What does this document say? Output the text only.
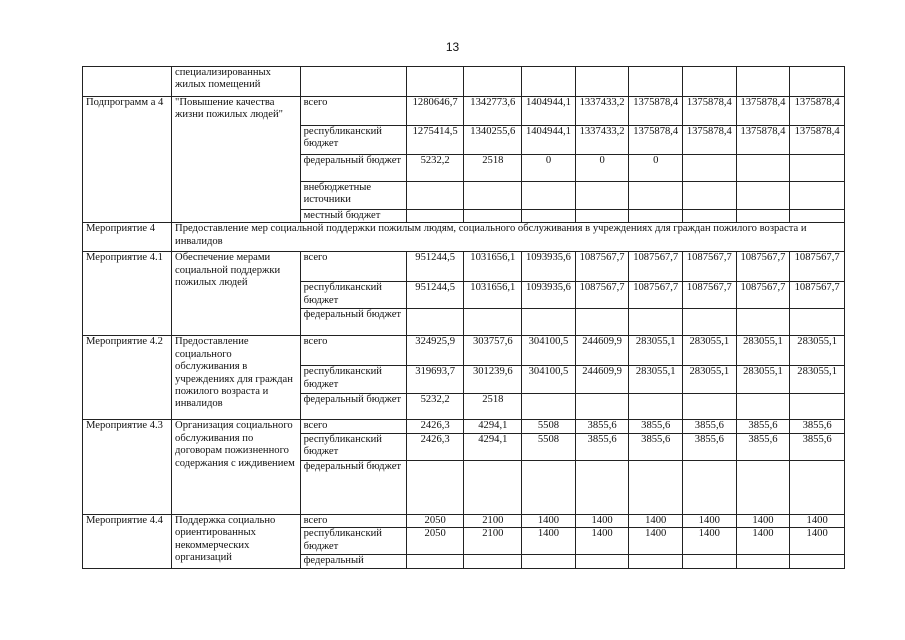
13
	специализированных жилых помещений									
Подпрограмм а 4	"Повышение качества жизни пожилых людей"	всего	1280646,7	1342773,6	1404944,1	1337433,2	1375878,4	1375878,4	1375878,4	1375878,4
		республиканский бюджет	1275414,5	1340255,6	1404944,1	1337433,2	1375878,4	1375878,4	1375878,4	1375878,4
		федеральный бюджет	5232,2	2518	0	0	0			
		внебюджетные источники								
		местный бюджет								
Мероприятие 4	Предоставление мер социальной поддержки пожилым людям, социального обслуживания в учреждениях для граждан пожилого возраста и инвалидов									
Мероприятие 4.1	Обеспечение мерами социальной поддержки пожилых людей	всего	951244,5	1031656,1	1093935,6	1087567,7	1087567,7	1087567,7	1087567,7	1087567,7
		республиканский бюджет	951244,5	1031656,1	1093935,6	1087567,7	1087567,7	1087567,7	1087567,7	1087567,7
		федеральный бюджет								
Мероприятие 4.2	Предоставление социального обслуживания в учреждениях для граждан пожилого возраста и инвалидов	всего	324925,9	303757,6	304100,5	244609,9	283055,1	283055,1	283055,1	283055,1
		республиканский бюджет	319693,7	301239,6	304100,5	244609,9	283055,1	283055,1	283055,1	283055,1
		федеральный бюджет	5232,2	2518						
Мероприятие 4.3	Организация социального обслуживания по договорам пожизненного содержания с иждивением	всего	2426,3	4294,1	5508	3855,6	3855,6	3855,6	3855,6	3855,6
		республиканский бюджет	2426,3	4294,1	5508	3855,6	3855,6	3855,6	3855,6	3855,6
		федеральный бюджет								
Мероприятие 4.4	Поддержка социально ориентированных некоммерческих организаций	всего	2050	2100	1400	1400	1400	1400	1400	1400
		республиканский бюджет	2050	2100	1400	1400	1400	1400	1400	1400
		федеральный								
